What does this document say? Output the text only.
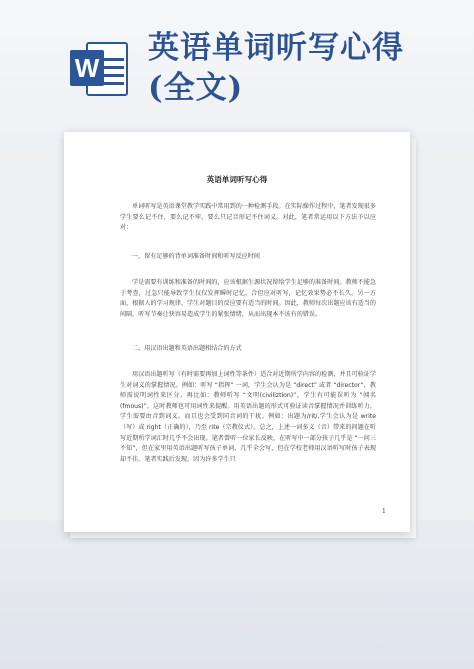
W
英语单词听写心得
(全文)
英语单词听写心得
单词听写是英语课堂教学实践中常用到的一种检测手段。在实际操作过程中，笔者发现很多学生要么记不住，要么记不牢，要么只记音形记不住词义。对此，笔者常运用以下方法予以应对：
一、留有足够的背单词准备时间和听写反应时间
学是需要有训练和准备的时间的，应该根据生源状况留给学生足够的准备时间。教师不能急于考查，过急只能导致学生仅仅发挥瞬时记忆，合但应对听写，记忆效果势必不长久。另一方面，根据人的学习规律，学生对题目的反应要有适当的时间。因此，教师每次出题应该有适当的间隔，听写节奏让快容易造成学生的紧张情绪，从而出现本不该有的错误。
二、用汉语出题和英语出题相结合的方式
用汉语出题听写（有时需要再加上词性等条件）适合对近期所学内容的检测，并且可验证学生对词义的掌握情况。例如：听写 “指挥” 一词，学生会认为是 “direct” 或者 “director”，教师需说明词性来区分。再比如：教师听写 “文明(civiliztion)”，学生有可能误听为 “闻名(fmous)”，这时教师也可用词性来提醒。用英语出题的形式可验证读音掌握情况并训练听力，学生需要由音到词义。而且也会受到同音词的干扰。例如：出题为/rit/,学生会认为是 write（写）或 right（正确的），乃至 rite（宗教仪式）。总之，上述一词多义（音）带来的问题在听写近期所学词汇时几乎不会出现。笔者曾听一位家长反映，在听写中一部分孩子几乎是 “一问三不知”，但在家里用英语出题听写孩子单词，几乎全会写，但在学校老师用汉语听写时孩子表现却不佳。笔者实践后发现，因为许多学生只
1
